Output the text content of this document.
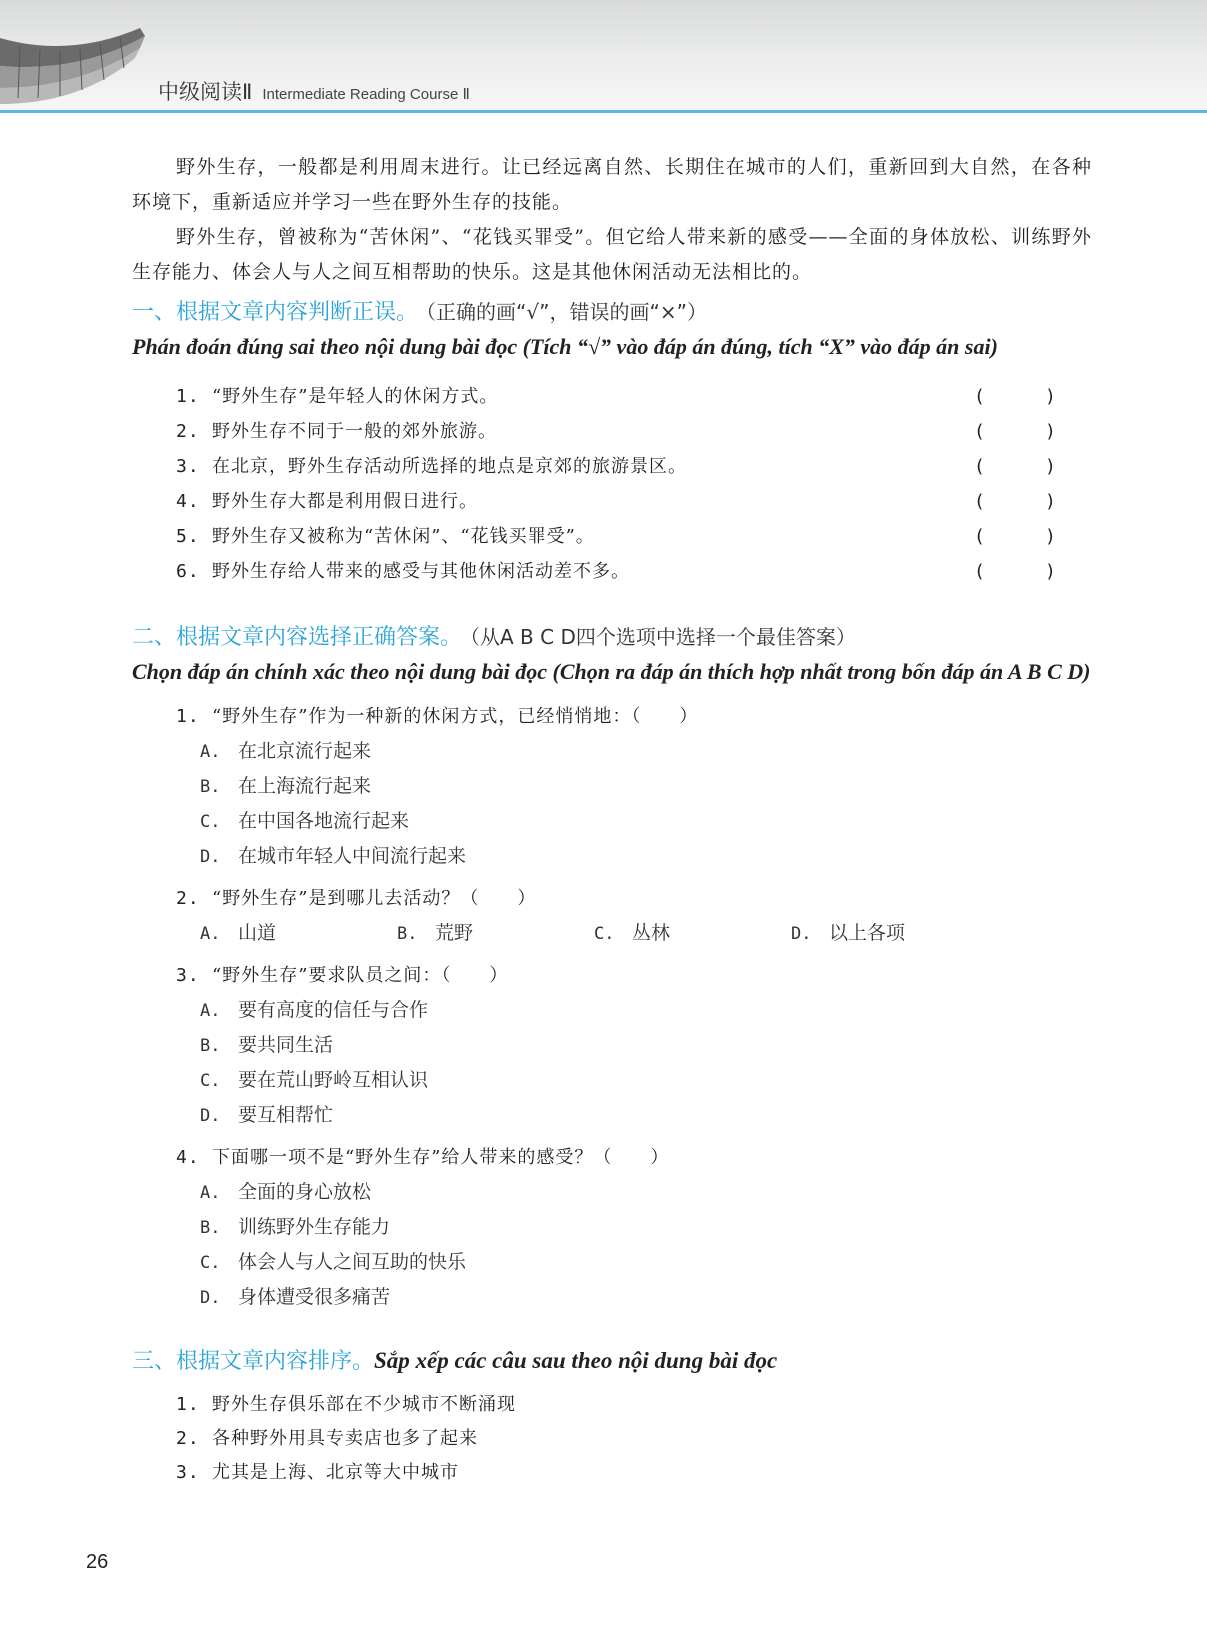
中级阅读Ⅱ Intermediate Reading Course Ⅱ

野外生存，一般都是利用周末进行。让已经远离自然、长期住在城市的人们，重新回到大自然，在各种环境下，重新适应并学习一些在野外生存的技能。

野外生存，曾被称为“苦休闲”、“花钱买罪受”。但它给人带来新的感受——全面的身体放松、训练野外生存能力、体会人与人之间互相帮助的快乐。这是其他休闲活动无法相比的。

一、根据文章内容判断正误。 （正确的画“√”，错误的画“×”）
Phán đoán đúng sai theo nội dung bài đọc (Tích “√” vào đáp án đúng, tích “X” vào đáp án sai)
1. “野外生存”是年轻人的休闲方式。	(     )
2. 野外生存不同于一般的郊外旅游。	(     )
3. 在北京，野外生存活动所选择的地点是京郊的旅游景区。	(     )
4. 野外生存大都是利用假日进行。	(     )
5. 野外生存又被称为“苦休闲”、“花钱买罪受”。	(     )
6. 野外生存给人带来的感受与其他休闲活动差不多。	(     )
二、根据文章内容选择正确答案。 （从A B C D四个选项中选择一个最佳答案）
Chọn đáp án chính xác theo nội dung bài đọc (Chọn ra đáp án thích hợp nhất trong bốn đáp án A B C D)
1. “野外生存”作为一种新的休闲方式，已经悄悄地：（　　）
A. 在北京流行起来
B. 在上海流行起来
C. 在中国各地流行起来
D. 在城市年轻人中间流行起来
2. “野外生存”是到哪儿去活动？（　　）
A. 山道	B. 荒野	C. 丛林	D. 以上各项
3. “野外生存”要求队员之间：（　　）
A. 要有高度的信任与合作
B. 要共同生活
C. 要在荒山野岭互相认识
D. 要互相帮忙
4. 下面哪一项不是“野外生存”给人带来的感受？（　　）
A. 全面的身心放松
B. 训练野外生存能力
C. 体会人与人之间互助的快乐
D. 身体遭受很多痛苦
三、根据文章内容排序。Sắp xếp các câu sau theo nội dung bài đọc
1. 野外生存俱乐部在不少城市不断涌现
2. 各种野外用具专卖店也多了起来
3. 尤其是上海、北京等大中城市
26
